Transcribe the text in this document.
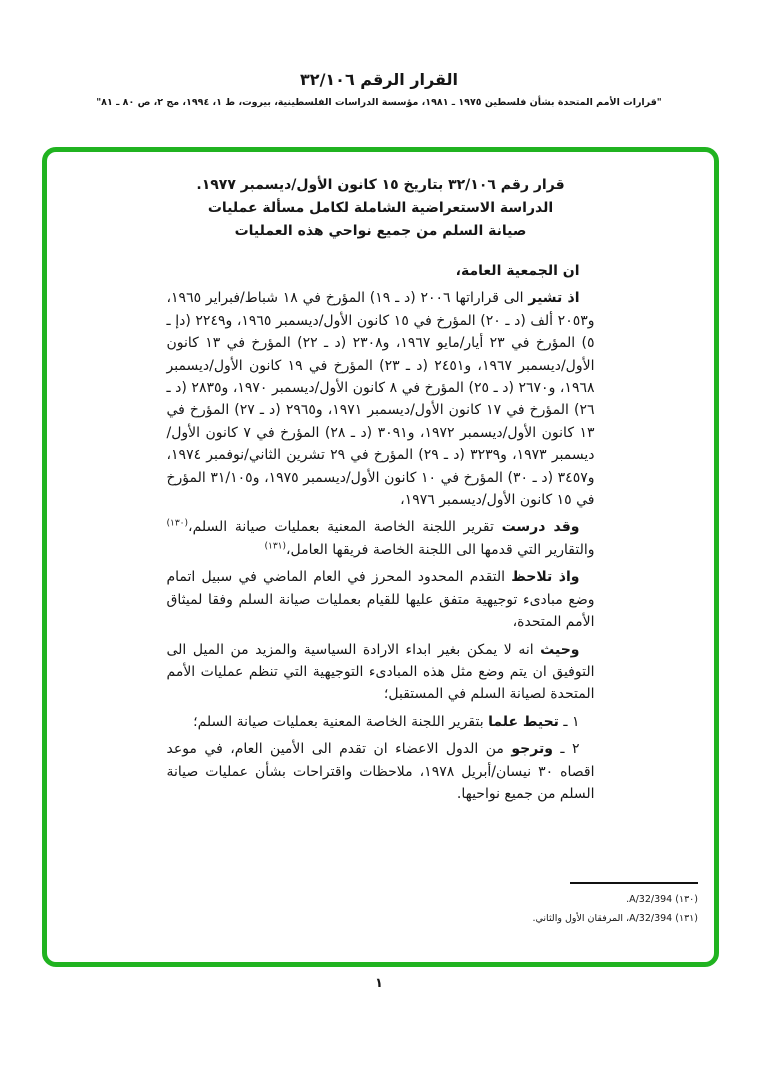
القرار الرقم ٣٢/١٠٦
"قرارات الأمم المتحدة بشأن فلسطين ١٩٧٥ ـ ١٩٨١، مؤسسة الدراسات الفلسطينية، بيروت، ط ١، ١٩٩٤، مج ٢، ص ٨٠ ـ ٨١"
قرار رقم ٣٢/١٠٦ بتاريخ ١٥ كانون الأول/ديسمبر ١٩٧٧.
الدراسة الاستعراضية الشاملة لكامل مسألة عمليات
صيانة السلم من جميع نواحي هذه العمليات

ان الجمعية العامة،

اذ تشير الى قراراتها ٢٠٠٦ (د ـ ١٩) المؤرخ في ١٨ شباط/فبراير ١٩٦٥، و٢٠٥٣ ألف (د ـ ٢٠) المؤرخ في ١٥ كانون الأول/ديسمبر ١٩٦٥، و٢٢٤٩ (دإ ـ ٥) المؤرخ في ٢٣ أيار/مايو ١٩٦٧، و٢٣٠٨ (د ـ ٢٢) المؤرخ في ١٣ كانون الأول/ديسمبر ١٩٦٧، و٢٤٥١ (د ـ ٢٣) المؤرخ في ١٩ كانون الأول/ديسمبر ١٩٦٨، و٢٦٧٠ (د ـ ٢٥) المؤرخ في ٨ كانون الأول/ديسمبر ١٩٧٠، و٢٨٣٥ (د ـ ٢٦) المؤرخ في ١٧ كانون الأول/ديسمبر ١٩٧١، و٢٩٦٥ (د ـ ٢٧) المؤرخ في ١٣ كانون الأول/ديسمبر ١٩٧٢، و٣٠٩١ (د ـ ٢٨) المؤرخ في ٧ كانون الأول/ديسمبر ١٩٧٣، و٣٢٣٩ (د ـ ٢٩) المؤرخ في ٢٩ تشرين الثاني/نوفمبر ١٩٧٤، و٣٤٥٧ (د ـ ٣٠) المؤرخ في ١٠ كانون الأول/ديسمبر ١٩٧٥، و٣١/١٠٥ المؤرخ في ١٥ كانون الأول/ديسمبر ١٩٧٦،

وقد درست تقرير اللجنة الخاصة المعنية بعمليات صيانة السلم،$^{(١٣٠)}$ والتقارير التي قدمها الى اللجنة الخاصة فريقها العامل،$^{(١٣١)}$

واذ تلاحظ التقدم المحدود المحرز في العام الماضي في سبيل اتمام وضع مبادىء توجيهية متفق عليها للقيام بعمليات صيانة السلم وفقا لميثاق الأمم المتحدة،

وحيث انه لا يمكن بغير ابداء الارادة السياسية والمزيد من الميل الى التوفيق ان يتم وضع مثل هذه المبادىء التوجيهية التي تنظم عمليات الأمم المتحدة لصيانة السلم في المستقبل؛

١ ـ تحيط علما بتقرير اللجنة الخاصة المعنية بعمليات صيانة السلم؛

٢ ـ وترجو من الدول الاعضاء ان تقدم الى الأمين العام، في موعد اقصاه ٣٠ نيسان/أبريل ١٩٧٨، ملاحظات واقتراحات بشأن عمليات صيانة السلم من جميع نواحيها.

(١٣٠) A/32/394.
(١٣١) A/32/394، المرفقان الأول والثاني.
١
